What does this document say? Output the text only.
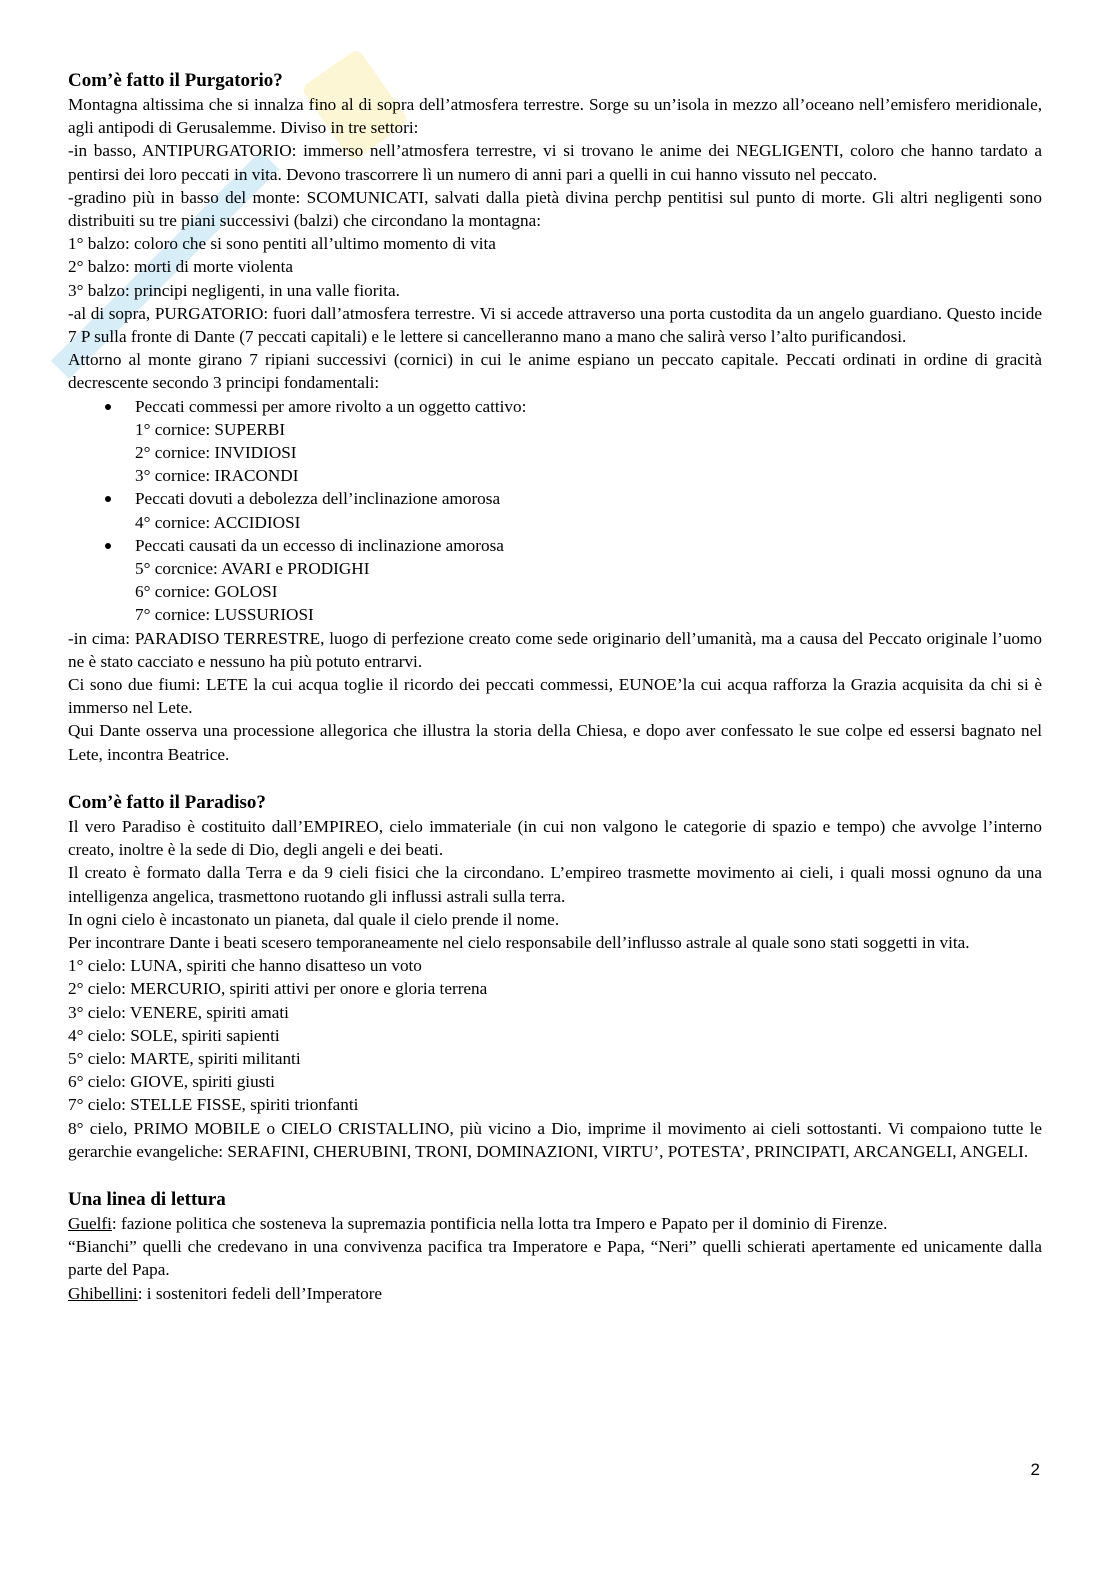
Com’è fatto il Purgatorio?

Montagna altissima che si innalza fino al di sopra dell’atmosfera terrestre. Sorge su un’isola in mezzo all’oceano nell’emisfero meridionale, agli antipodi di Gerusalemme. Diviso in tre settori:

-in basso, ANTIPURGATORIO: immerso nell’atmosfera terrestre, vi si trovano le anime dei NEGLIGENTI, coloro che hanno tardato a pentirsi dei loro peccati in vita. Devono trascorrere lì un numero di anni pari a quelli in cui hanno vissuto nel peccato.

-gradino più in basso del monte: SCOMUNICATI, salvati dalla pietà divina perchp pentitisi sul punto di morte. Gli altri negligenti sono distribuiti su tre piani successivi (balzi) che circondano la montagna:

1° balzo: coloro che si sono pentiti all’ultimo momento di vita

2° balzo: morti di morte violenta

3° balzo: principi negligenti, in una valle fiorita.

-al di sopra, PURGATORIO: fuori dall’atmosfera terrestre. Vi si accede attraverso una porta custodita da un angelo guardiano. Questo incide 7 P sulla fronte di Dante (7 peccati capitali) e le lettere si cancelleranno mano a mano che salirà verso l’alto purificandosi.

Attorno al monte girano 7 ripiani successivi (cornici) in cui le anime espiano un peccato capitale. Peccati ordinati in ordine di gracità decrescente secondo 3 principi fondamentali:

Peccati commessi per amore rivolto a un oggetto cattivo:
1° cornice: SUPERBI
2° cornice: INVIDIOSI
3° cornice: IRACONDI
Peccati dovuti a debolezza dell’inclinazione amorosa
4° cornice: ACCIDIOSI
Peccati causati da un eccesso di inclinazione amorosa
5° corcnice: AVARI e PRODIGHI
6° cornice: GOLOSI
7° cornice: LUSSURIOSI

-in cima: PARADISO TERRESTRE, luogo di perfezione creato come sede originario dell’umanità, ma a causa del Peccato originale l’uomo ne è stato cacciato e nessuno ha più potuto entrarvi.

Ci sono due fiumi: LETE la cui acqua toglie il ricordo dei peccati commessi, EUNOE’la cui acqua rafforza la Grazia acquisita da chi si è immerso nel Lete.

Qui Dante osserva una processione allegorica che illustra la storia della Chiesa, e dopo aver confessato le sue colpe ed essersi bagnato nel Lete, incontra Beatrice.

Com’è fatto il Paradiso?

Il vero Paradiso è costituito dall’EMPIREO, cielo immateriale (in cui non valgono le categorie di spazio e tempo) che avvolge l’interno creato, inoltre è la sede di Dio, degli angeli e dei beati.

Il creato è formato dalla Terra e da 9 cieli fisici che la circondano. L’empireo trasmette movimento ai cieli, i quali mossi ognuno da una intelligenza angelica, trasmettono ruotando gli influssi astrali sulla terra.

In ogni cielo è incastonato un pianeta, dal quale il cielo prende il nome.

Per incontrare Dante i beati scesero temporaneamente nel cielo responsabile dell’influsso astrale al quale sono stati soggetti in vita.

1° cielo: LUNA, spiriti che hanno disatteso un voto

2° cielo: MERCURIO, spiriti attivi per onore e gloria terrena

3° cielo: VENERE, spiriti amati

4° cielo: SOLE, spiriti sapienti

5° cielo: MARTE, spiriti militanti

6° cielo: GIOVE, spiriti giusti

7° cielo: STELLE FISSE, spiriti trionfanti

8° cielo, PRIMO MOBILE o CIELO CRISTALLINO, più vicino a Dio, imprime il movimento ai cieli sottostanti. Vi compaiono tutte le gerarchie evangeliche: SERAFINI, CHERUBINI, TRONI, DOMINAZIONI, VIRTU’, POTESTA’, PRINCIPATI, ARCANGELI, ANGELI.

Una linea di lettura

Guelfi: fazione politica che sosteneva la supremazia pontificia nella lotta tra Impero e Papato per il dominio di Firenze.

“Bianchi” quelli che credevano in una convivenza pacifica tra Imperatore e Papa, “Neri” quelli schierati apertamente ed unicamente dalla parte del Papa.

Ghibellini: i sostenitori fedeli dell’Imperatore

2
